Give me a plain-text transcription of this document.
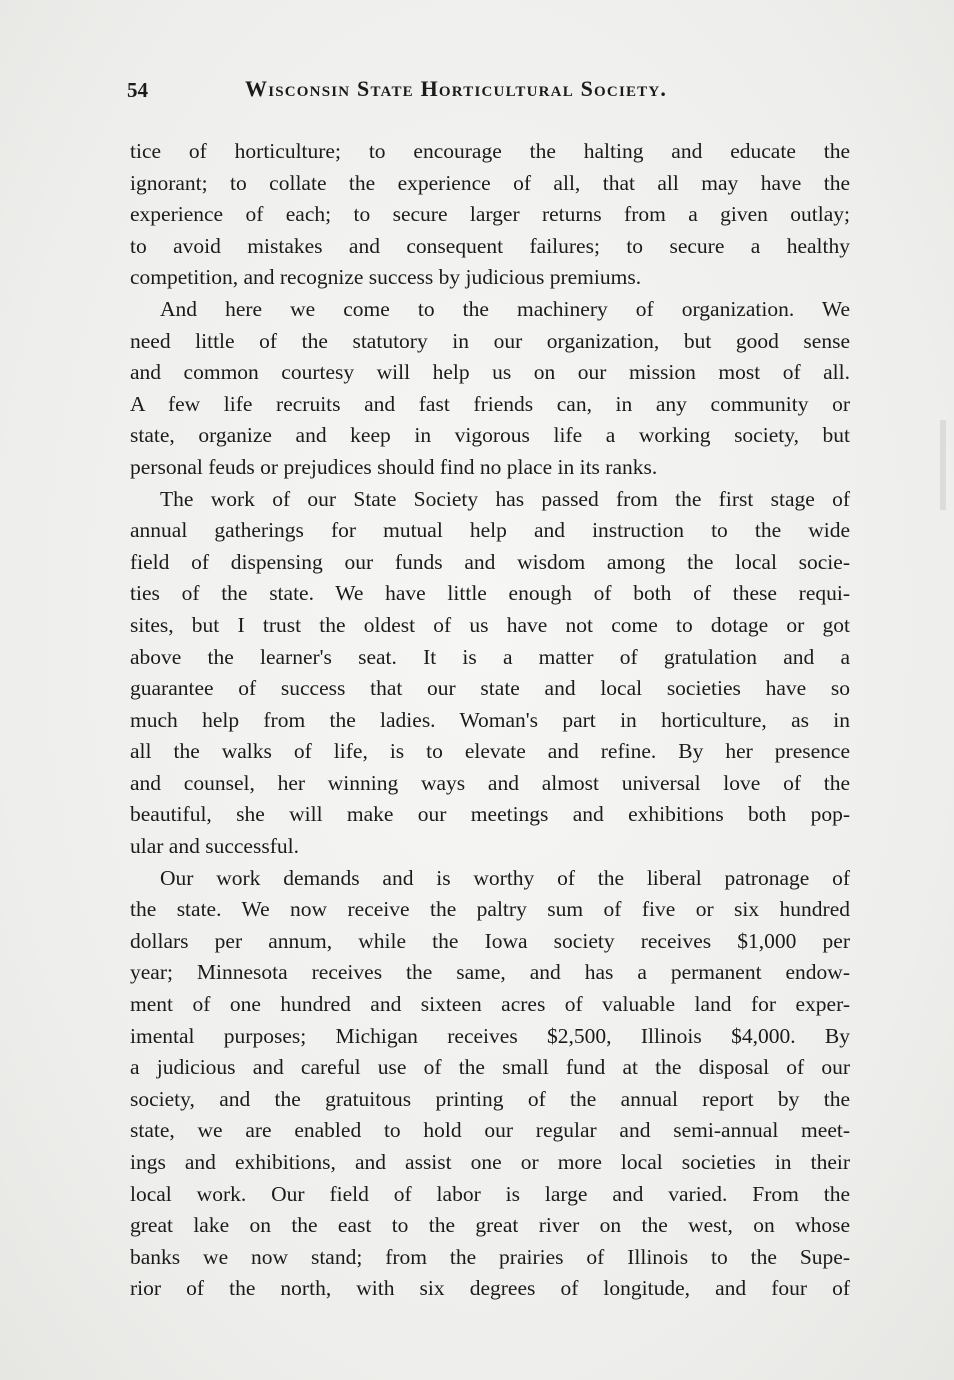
54	Wisconsin State Horticultural Society.
tice of horticulture; to encourage the halting and educate the
ignorant; to collate the experience of all, that all may have the
experience of each; to secure larger returns from a given outlay;
to avoid mistakes and consequent failures; to secure a healthy
competition, and recognize success by judicious premiums.
And here we come to the machinery of organization. We
need little of the statutory in our organization, but good sense
and common courtesy will help us on our mission most of all.
A few life recruits and fast friends can, in any community or
state, organize and keep in vigorous life a working society, but
personal feuds or prejudices should find no place in its ranks.
The work of our State Society has passed from the first stage of
annual gatherings for mutual help and instruction to the wide
field of dispensing our funds and wisdom among the local socie-
ties of the state. We have little enough of both of these requi-
sites, but I trust the oldest of us have not come to dotage or got
above the learner's seat. It is a matter of gratulation and a
guarantee of success that our state and local societies have so
much help from the ladies. Woman's part in horticulture, as in
all the walks of life, is to elevate and refine. By her presence
and counsel, her winning ways and almost universal love of the
beautiful, she will make our meetings and exhibitions both pop-
ular and successful.
Our work demands and is worthy of the liberal patronage of
the state. We now receive the paltry sum of five or six hundred
dollars per annum, while the Iowa society receives $1,000 per
year; Minnesota receives the same, and has a permanent endow-
ment of one hundred and sixteen acres of valuable land for exper-
imental purposes; Michigan receives $2,500, Illinois $4,000. By
a judicious and careful use of the small fund at the disposal of our
society, and the gratuitous printing of the annual report by the
state, we are enabled to hold our regular and semi-annual meet-
ings and exhibitions, and assist one or more local societies in their
local work. Our field of labor is large and varied. From the
great lake on the east to the great river on the west, on whose
banks we now stand; from the prairies of Illinois to the Supe-
rior of the north, with six degrees of longitude, and four of
